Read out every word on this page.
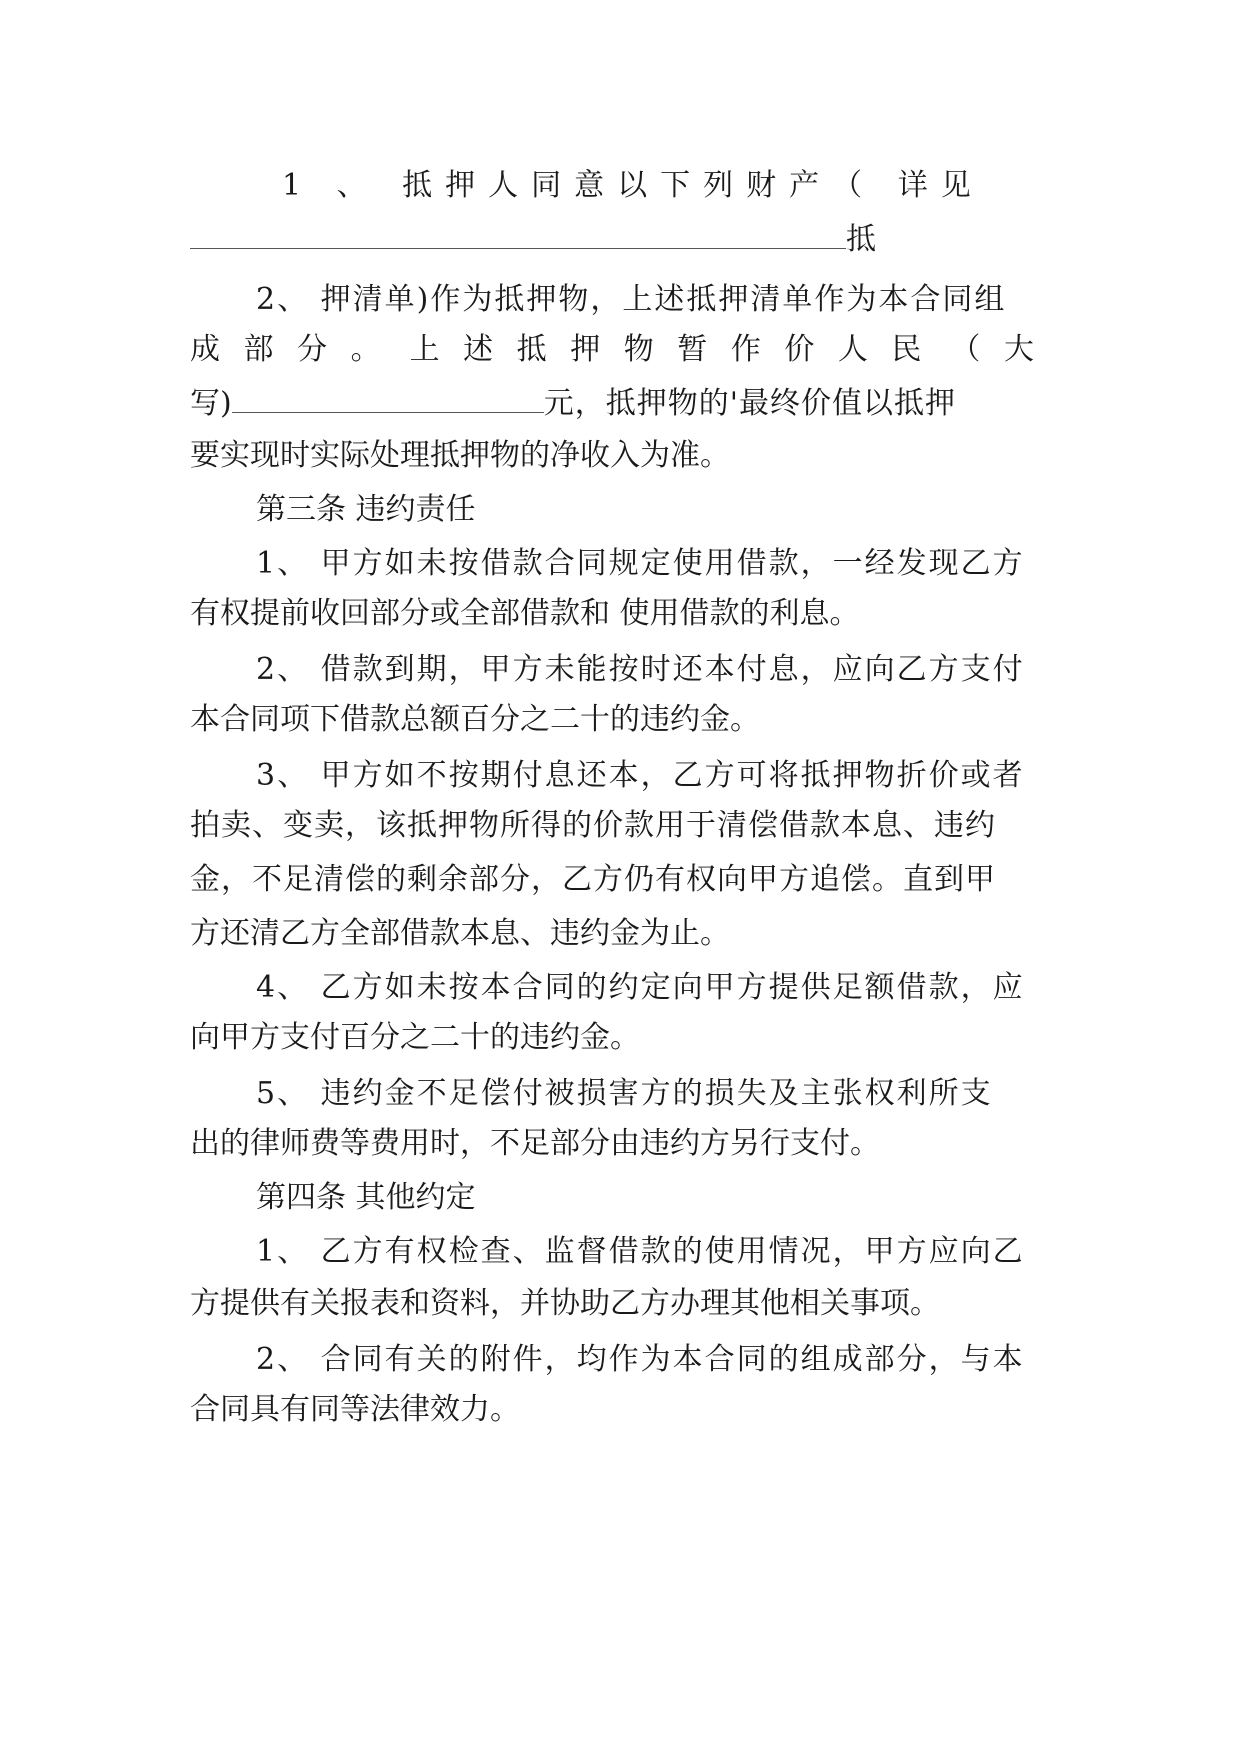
1 、 抵押人同意以下列财产（ 详见
抵
2、 押清单)作为抵押物，上述抵押清单作为本合同组
成 部 分 。　上 述 抵 押 物 暂 作 价 人 民　（ 大
写)	元，抵押物的'最终价值以抵押
要实现时实际处理抵押物的净收入为准。
第三条 违约责任
1、 甲方如未按借款合同规定使用借款，一经发现乙方
有权提前收回部分或全部借款和 使用借款的利息。
2、 借款到期，甲方未能按时还本付息，应向乙方支付
本合同项下借款总额百分之二十的违约金。
3、 甲方如不按期付息还本，乙方可将抵押物折价或者
拍卖、变卖，该抵押物所得的价款用于清偿借款本息、违约
金，不足清偿的剩余部分，乙方仍有权向甲方追偿。直到甲
方还清乙方全部借款本息、违约金为止。
4、 乙方如未按本合同的约定向甲方提供足额借款，应
向甲方支付百分之二十的违约金。
5、 违约金不足偿付被损害方的损失及主张权利所支
出的律师费等费用时，不足部分由违约方另行支付。
第四条 其他约定
1、 乙方有权检查、监督借款的使用情况，甲方应向乙
方提供有关报表和资料，并协助乙方办理其他相关事项。
2、 合同有关的附件，均作为本合同的组成部分，与本
合同具有同等法律效力。
